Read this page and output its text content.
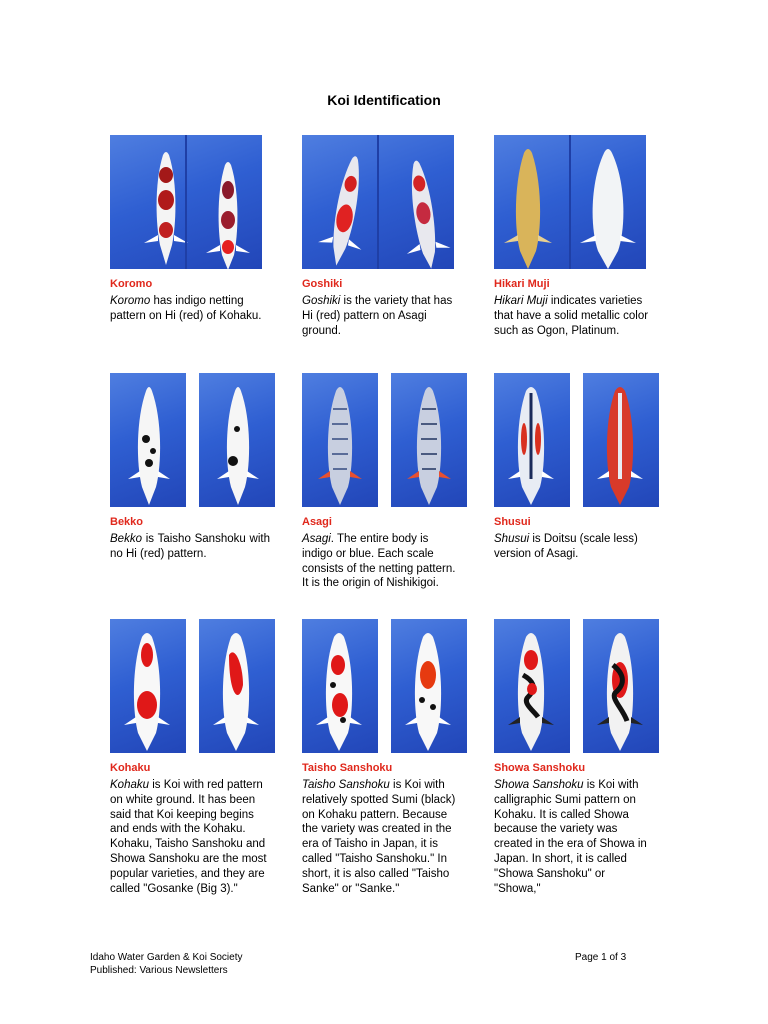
Koi Identification
Koromo
Koromo has indigo netting pattern on Hi (red) of Kohaku.
Goshiki
Goshiki is the variety that has Hi (red) pattern on Asagi ground.
Hikari Muji
Hikari Muji indicates varieties that have a solid metallic color such as Ogon, Platinum.
Bekko
Bekko is Taisho Sanshoku with no Hi (red) pattern.
Asagi
Asagi. The entire body is indigo or blue. Each scale consists of the netting pattern. It is the origin of Nishikigoi.
Shusui
Shusui is Doitsu (scale less) version of Asagi.
Kohaku
Kohaku is Koi with red pattern on white ground. It has been said that Koi keeping begins and ends with the Kohaku. Kohaku, Taisho Sanshoku and Showa Sanshoku are the most popular varieties, and they are called "Gosanke (Big 3)."
Taisho Sanshoku
Taisho Sanshoku is Koi with relatively spotted Sumi (black) on Kohaku pattern. Because the variety was created in the era of Taisho in Japan, it is called "Taisho Sanshoku." In short, it is also called "Taisho Sanke" or "Sanke."
Showa Sanshoku
Showa Sanshoku is Koi with calligraphic Sumi pattern on Kohaku. It is called Showa because the variety was created in the era of Showa in Japan. In short, it is called "Showa Sanshoku" or "Showa,"
Idaho Water Garden & Koi Society
Published: Various Newsletters
Page 1 of 3
